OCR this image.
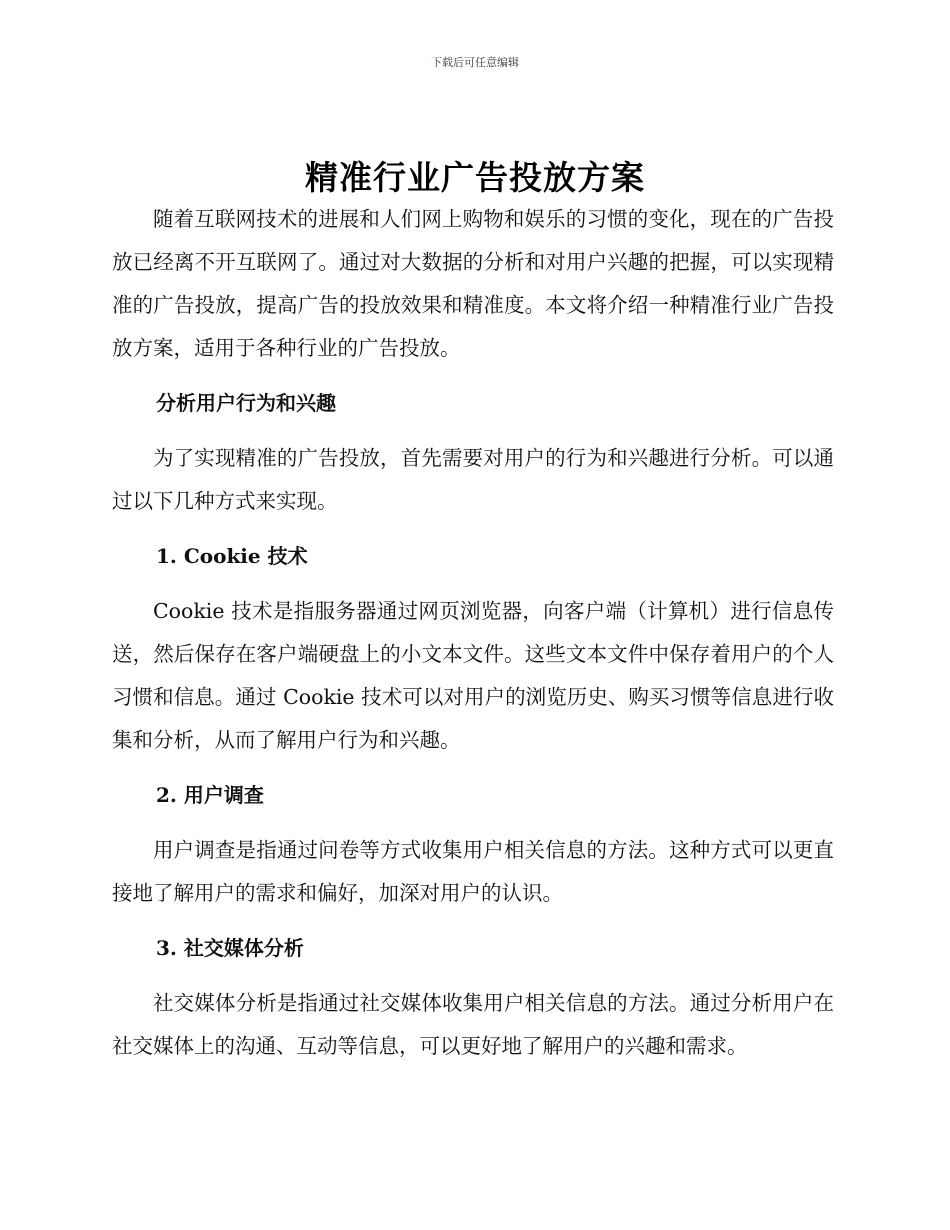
下载后可任意编辑
精准行业广告投放方案

随着互联网技术的进展和人们网上购物和娱乐的习惯的变化，现在的广告投放已经离不开互联网了。通过对大数据的分析和对用户兴趣的把握，可以实现精准的广告投放，提高广告的投放效果和精准度。本文将介绍一种精准行业广告投放方案，适用于各种行业的广告投放。

分析用户行为和兴趣

为了实现精准的广告投放，首先需要对用户的行为和兴趣进行分析。可以通过以下几种方式来实现。

1. Cookie 技术

Cookie 技术是指服务器通过网页浏览器，向客户端（计算机）进行信息传送，然后保存在客户端硬盘上的小文本文件。这些文本文件中保存着用户的个人习惯和信息。通过 Cookie 技术可以对用户的浏览历史、购买习惯等信息进行收集和分析，从而了解用户行为和兴趣。

2. 用户调查

用户调查是指通过问卷等方式收集用户相关信息的方法。这种方式可以更直接地了解用户的需求和偏好，加深对用户的认识。

3. 社交媒体分析

社交媒体分析是指通过社交媒体收集用户相关信息的方法。通过分析用户在社交媒体上的沟通、互动等信息，可以更好地了解用户的兴趣和需求。
